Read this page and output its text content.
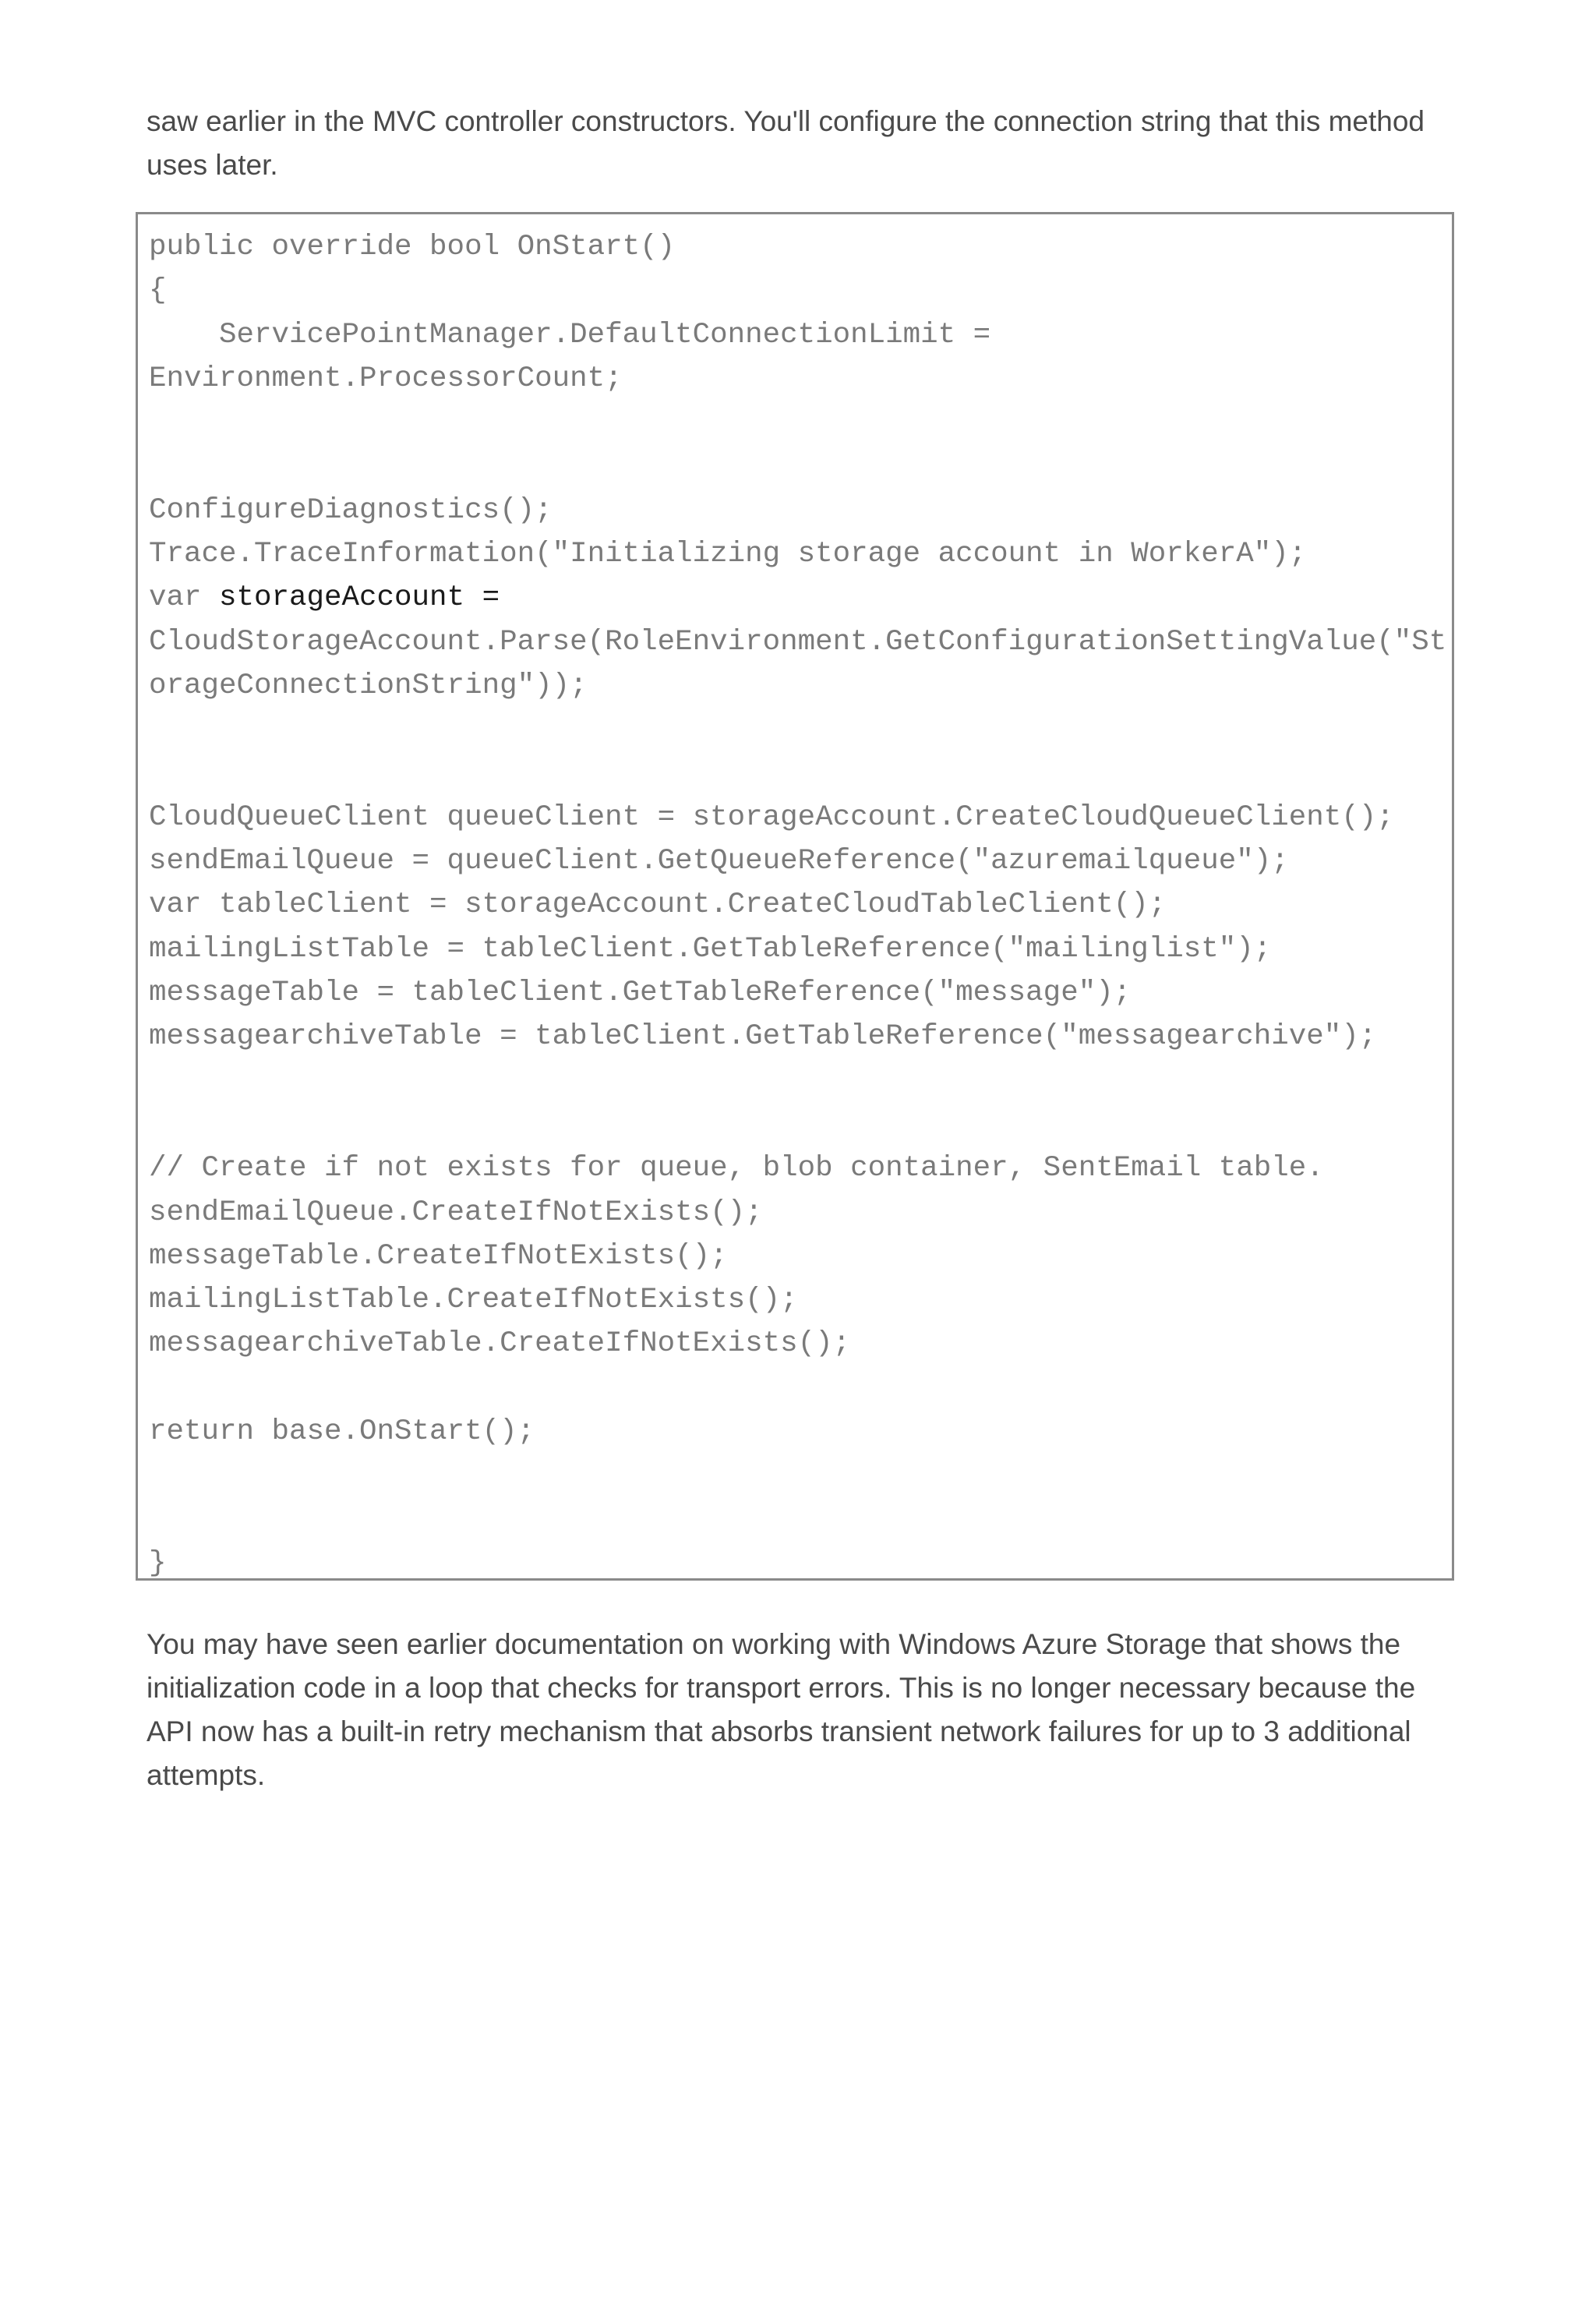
saw earlier in the MVC controller constructors. You'll configure the connection string that this method uses later.

public override bool OnStart()
{
ServicePointManager.DefaultConnectionLimit =
Environment.ProcessorCount;
ConfigureDiagnostics();
Trace.TraceInformation("Initializing storage account in WorkerA");
var storageAccount =
CloudStorageAccount.Parse(RoleEnvironment.GetConfigurationSettingValue("St
orageConnectionString"));
CloudQueueClient queueClient = storageAccount.CreateCloudQueueClient();
sendEmailQueue = queueClient.GetQueueReference("azuremailqueue");
var tableClient = storageAccount.CreateCloudTableClient();
mailingListTable = tableClient.GetTableReference("mailinglist");
messageTable = tableClient.GetTableReference("message");
messagearchiveTable = tableClient.GetTableReference("messagearchive");
// Create if not exists for queue, blob container, SentEmail table.
sendEmailQueue.CreateIfNotExists();
messageTable.CreateIfNotExists();
mailingListTable.CreateIfNotExists();
messagearchiveTable.CreateIfNotExists();
return base.OnStart();
}

You may have seen earlier documentation on working with Windows Azure Storage that shows the initialization code in a loop that checks for transport errors. This is no longer necessary because the API now has a built-in retry mechanism that absorbs transient network failures for up to 3 additional attempts.
